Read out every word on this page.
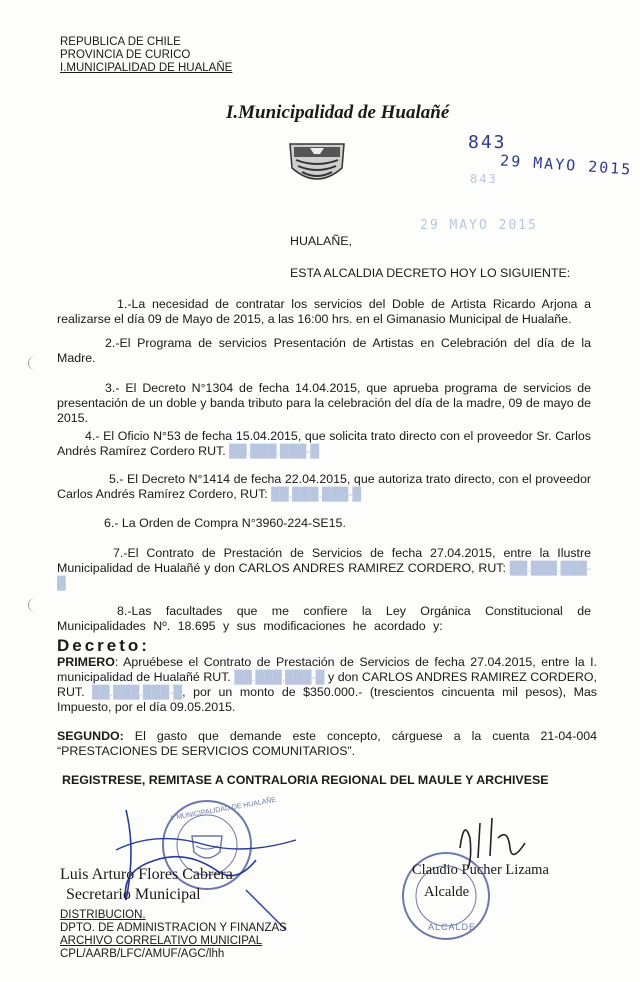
REPUBLICA DE CHILE
PROVINCIA DE CURICO
I.MUNICIPALIDAD DE HUALAÑE
I.Municipalidad de Hualañé
843
29 MAYO 2015
843
29 MAYO 2015
HUALAÑE,
ESTA ALCALDIA DECRETO HOY LO SIGUIENTE:
1.-La necesidad de contratar los servicios del Doble de Artista Ricardo Arjona a realizarse el día 09 de Mayo de 2015, a las 16:00 hrs. en el Gimanasio Municipal de Hualañe.
2.-El Programa de servicios Presentación de Artistas en Celebración del día de la Madre.
3.- El Decreto N°1304 de fecha 14.04.2015, que aprueba programa de servicios de presentación de un doble y banda tributo para la celebración del día de la madre, 09 de mayo de 2015.
4.- El Oficio N°53 de fecha 15.04.2015, que solicita trato directo con el proveedor Sr. Carlos Andrés Ramírez Cordero RUT. ██.███.███-█
5.- El Decreto N°1414 de fecha 22.04.2015, que autoriza trato directo, con el proveedor Carlos Andrés Ramírez Cordero, RUT: ██.███.███-█
6.- La Orden de Compra N°3960-224-SE15.
7.-El Contrato de Prestación de Servicios de fecha 27.04.2015, entre la Ilustre Municipalidad de Hualañé y don CARLOS ANDRES RAMIREZ CORDERO, RUT: ██.███.███-█
8.-Las facultades que me confiere la Ley Orgánica Constitucional de Municipalidades Nº. 18.695 y sus modificaciones he acordado y:
Decreto:
PRIMERO: Apruébese el Contrato de Prestación de Servicios de fecha 27.04.2015, entre la I. municipalidad de Hualañé RUT. ██.███.███-█ y don CARLOS ANDRES RAMIREZ CORDERO, RUT. ██.███.███-█, por un monto de $350.000.- (trescientos cincuenta mil pesos), Mas Impuesto, por el día 09.05.2015.
SEGUNDO: El gasto que demande este concepto, cárguese a la cuenta 21-04-004 “PRESTACIONES DE SERVICIOS COMUNITARIOS”.
REGISTRESE, REMITASE A CONTRALORIA REGIONAL DEL MAULE Y ARCHIVESE
I. MUNICIPALIDAD DE HUALAÑE
ALCALDE
Luis Arturo Flores Cabrera
Secretario Municipal
Claudio Pucher Lizama
Alcalde
DISTRIBUCION.
DPTO. DE ADMINISTRACION Y FINANZAS
ARCHIVO CORRELATIVO MUNICIPAL
CPL/AARB/LFC/AMUF/AGC/lhh
